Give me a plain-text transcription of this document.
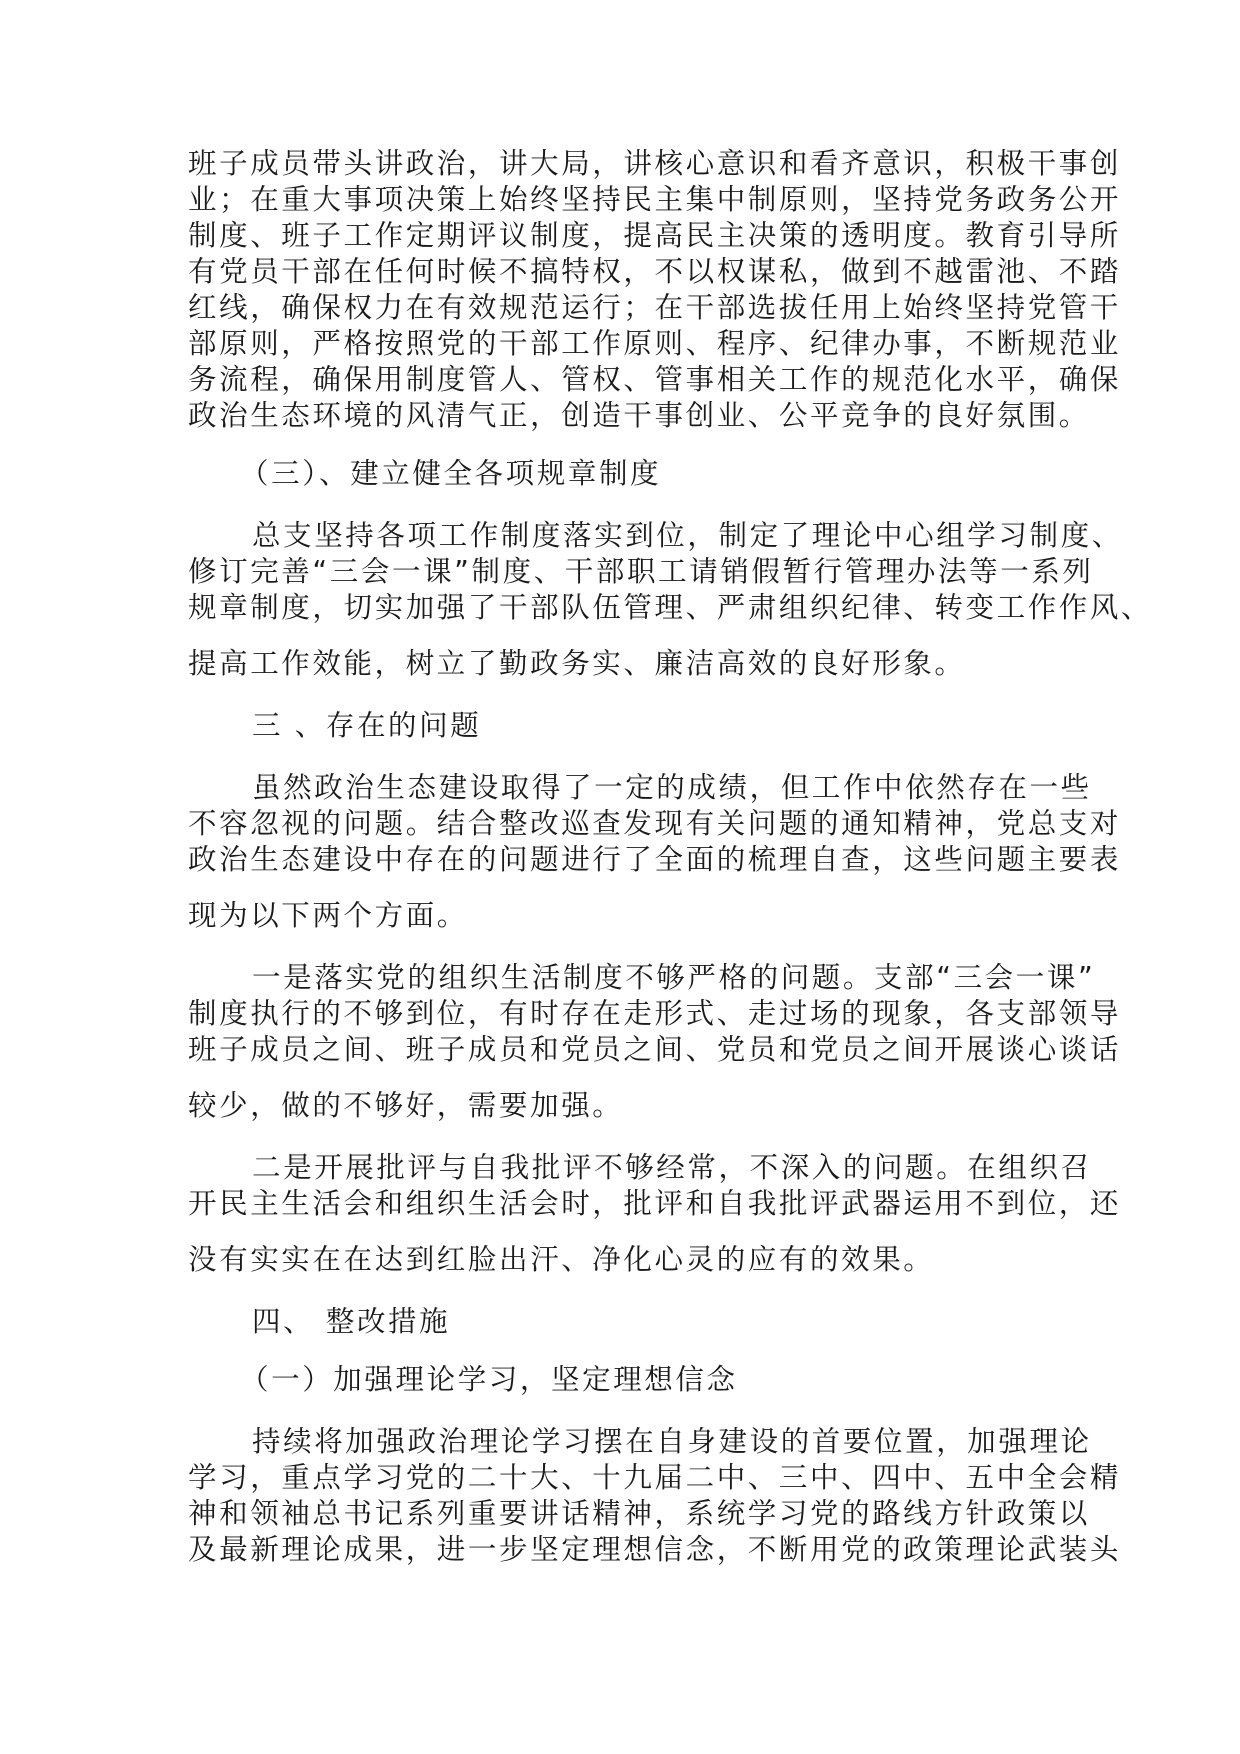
班子成员带头讲政治，讲大局，讲核心意识和看齐意识，积极干事创
业；在重大事项决策上始终坚持民主集中制原则，坚持党务政务公开
制度、班子工作定期评议制度，提高民主决策的透明度。教育引导所
有党员干部在任何时候不搞特权，不以权谋私，做到不越雷池、不踏
红线，确保权力在有效规范运行；在干部选拔任用上始终坚持党管干
部原则，严格按照党的干部工作原则、程序、纪律办事，不断规范业
务流程，确保用制度管人、管权、管事相关工作的规范化水平，确保
政治生态环境的风清气正，创造干事创业、公平竞争的良好氛围。
（三）、建立健全各项规章制度
总支坚持各项工作制度落实到位，制定了理论中心组学习制度、
修订完善“三会一课”制度、干部职工请销假暂行管理办法等一系列
规章制度，切实加强了干部队伍管理、严肃组织纪律、转变工作作风、
提高工作效能，树立了勤政务实、廉洁高效的良好形象。
三 、存在的问题
虽然政治生态建设取得了一定的成绩，但工作中依然存在一些
不容忽视的问题。结合整改巡查发现有关问题的通知精神，党总支对
政治生态建设中存在的问题进行了全面的梳理自查，这些问题主要表
现为以下两个方面。
一是落实党的组织生活制度不够严格的问题。支部“三会一课”
制度执行的不够到位，有时存在走形式、走过场的现象，各支部领导
班子成员之间、班子成员和党员之间、党员和党员之间开展谈心谈话
较少，做的不够好，需要加强。
二是开展批评与自我批评不够经常，不深入的问题。在组织召
开民主生活会和组织生活会时，批评和自我批评武器运用不到位，还
没有实实在在达到红脸出汗、净化心灵的应有的效果。
四、 整改措施
（一）加强理论学习，坚定理想信念
持续将加强政治理论学习摆在自身建设的首要位置，加强理论
学习，重点学习党的二十大、十九届二中、三中、四中、五中全会精
神和领袖总书记系列重要讲话精神，系统学习党的路线方针政策以
及最新理论成果，进一步坚定理想信念，不断用党的政策理论武装头
